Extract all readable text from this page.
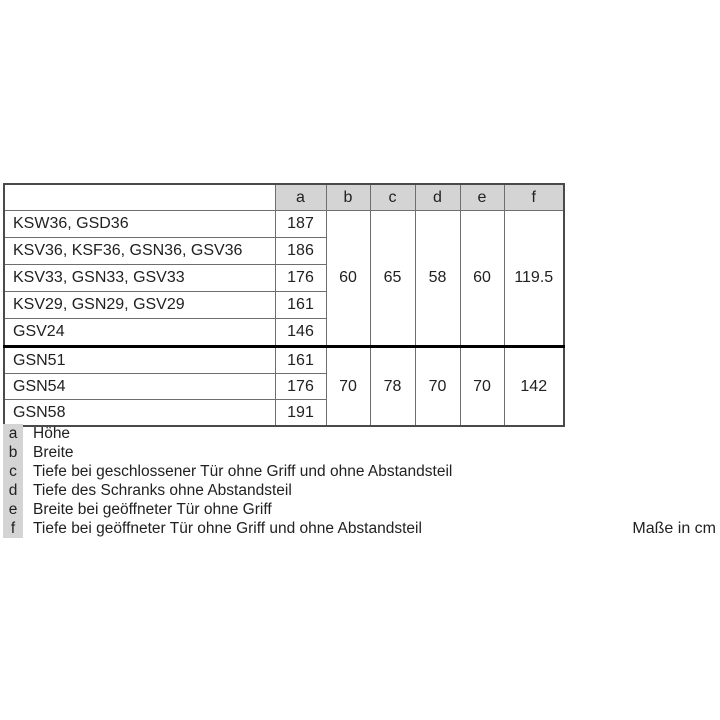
	a	b	c	d	e	f
KSW36, GSD36	187	60	65	58	60	119.5
KSV36, KSF36, GSN36, GSV36	186					
KSV33, GSN33, GSV33	176					
KSV29, GSN29, GSV29	161					
GSV24	146					
GSN51	161	70	78	70	70	142
GSN54	176					
GSN58	191					
a	Höhe
b	Breite
c	Tiefe bei geschlossener Tür ohne Griff und ohne Abstandsteil
d	Tiefe des Schranks ohne Abstandsteil
e	Breite bei geöffneter Tür ohne Griff
f	Tiefe bei geöffneter Tür ohne Griff und ohne Abstandsteil	Maße in cm
